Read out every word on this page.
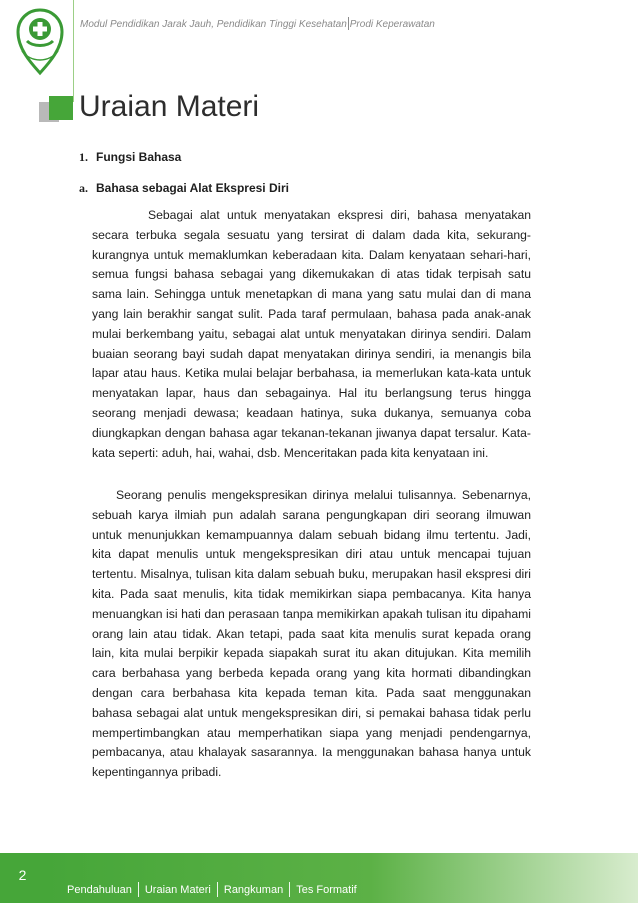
Modul Pendidikan Jarak Jauh, Pendidikan Tinggi Kesehatan Prodi Keperawatan
Uraian Materi
1. Fungsi Bahasa
a. Bahasa sebagai Alat Ekspresi Diri

Sebagai alat untuk menyatakan ekspresi diri, bahasa menyatakan secara terbuka segala sesuatu yang tersirat di dalam dada kita, sekurang-kurangnya untuk memaklumkan keberadaan kita. Dalam kenyataan sehari-hari, semua fungsi bahasa sebagai yang dikemukakan di atas tidak terpisah satu sama lain. Sehingga untuk menetapkan di mana yang satu mulai dan di mana yang lain berakhir sangat sulit. Pada taraf permulaan, bahasa pada anak-anak mulai berkembang yaitu, sebagai alat untuk menyatakan dirinya sendiri. Dalam buaian seorang bayi sudah dapat menyatakan dirinya sendiri, ia menangis bila lapar atau haus. Ketika mulai belajar berbahasa, ia memerlukan kata-kata untuk menyatakan lapar, haus dan sebagainya. Hal itu berlangsung terus hingga seorang menjadi dewasa; keadaan hatinya, suka dukanya, semuanya coba diungkapkan dengan bahasa agar tekanan-tekanan jiwanya dapat tersalur. Kata-kata seperti: aduh, hai, wahai, dsb. Menceritakan pada kita kenyataan ini.

Seorang penulis mengekspresikan dirinya melalui tulisannya. Sebenarnya, sebuah karya ilmiah pun adalah sarana pengungkapan diri seorang ilmuwan untuk menunjukkan kemampuannya dalam sebuah bidang ilmu tertentu. Jadi, kita dapat menulis untuk mengekspresikan diri atau untuk mencapai tujuan tertentu. Misalnya, tulisan kita dalam sebuah buku, merupakan hasil ekspresi diri kita. Pada saat menulis, kita tidak memikirkan siapa pembacanya. Kita hanya menuangkan isi hati dan perasaan tanpa memikirkan apakah tulisan itu dipahami orang lain atau tidak. Akan tetapi, pada saat kita menulis surat kepada orang lain, kita mulai berpikir kepada siapakah surat itu akan ditujukan. Kita memilih cara berbahasa yang berbeda kepada orang yang kita hormati dibandingkan dengan cara berbahasa kita kepada teman kita. Pada saat menggunakan bahasa sebagai alat untuk mengekspresikan diri, si pemakai bahasa tidak perlu mempertimbangkan atau memperhatikan siapa yang menjadi pendengarnya, pembacanya, atau khalayak sasarannya. Ia menggunakan bahasa hanya untuk kepentingannya pribadi.

2
Pendahuluan	Uraian Materi	Rangkuman	Tes Formatif
